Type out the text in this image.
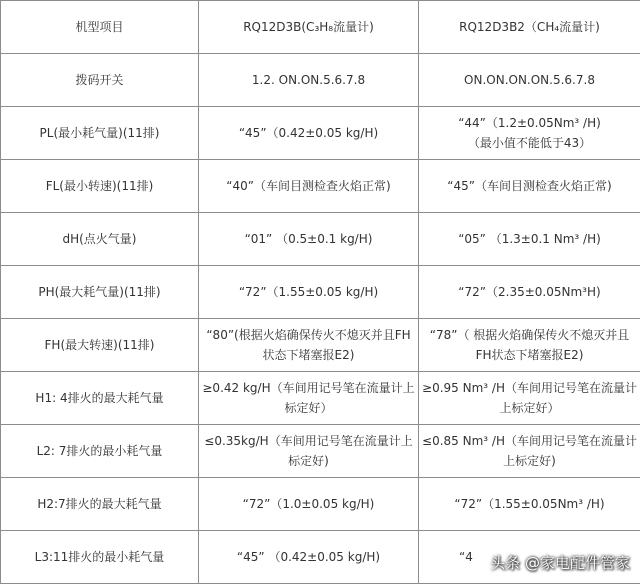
机型项目	RQ12D3B(C₃H₈流量计)	RQ12D3B2（CH₄流量计)
拨码开关	1.2. ON.ON.5.6.7.8	ON.ON.ON.ON.5.6.7.8
PL(最小耗气量)(11排)	“45”（0.42±0.05 kg/H)	“44”（1.2±0.05Nm³ /H)
（最小值不能低于43）
FL(最小转速)(11排)	“40”（车间目测检查火焰正常)	“45”（车间目测检查火焰正常)
dH(点火气量)	“01” （0.5±0.1 kg/H)	“05” （1.3±0.1 Nm³ /H)
PH(最大耗气量)(11排)	“72”（1.55±0.05 kg/H)	“72”（2.35±0.05Nm³H)
FH(最大转速)(11排)	“80”(根据火焰确保传火不熄灭并且FH状态下堵塞报E2)	“78”（ 根据火焰确保传火不熄灭并且FH状态下堵塞报E2)
H1: 4排火的最大耗气量	≥0.42 kg/H（车间用记号笔在流量计上标定好）	≥0.95 Nm³ /H（车间用记号笔在流量计上标定好）
L2: 7排火的最小耗气量	≤0.35kg/H（车间用记号笔在流量计上标定好)	≤0.85 Nm³ /H（车间用记号笔在流量计上标定好)
H2:7排火的最大耗气量	“72”（1.0±0.05 kg/H)	“72”（1.55±0.05Nm³ /H)
L3:11排火的最小耗气量	“45” （0.42±0.05 kg/H)	“4 头条 @家电配件管家
